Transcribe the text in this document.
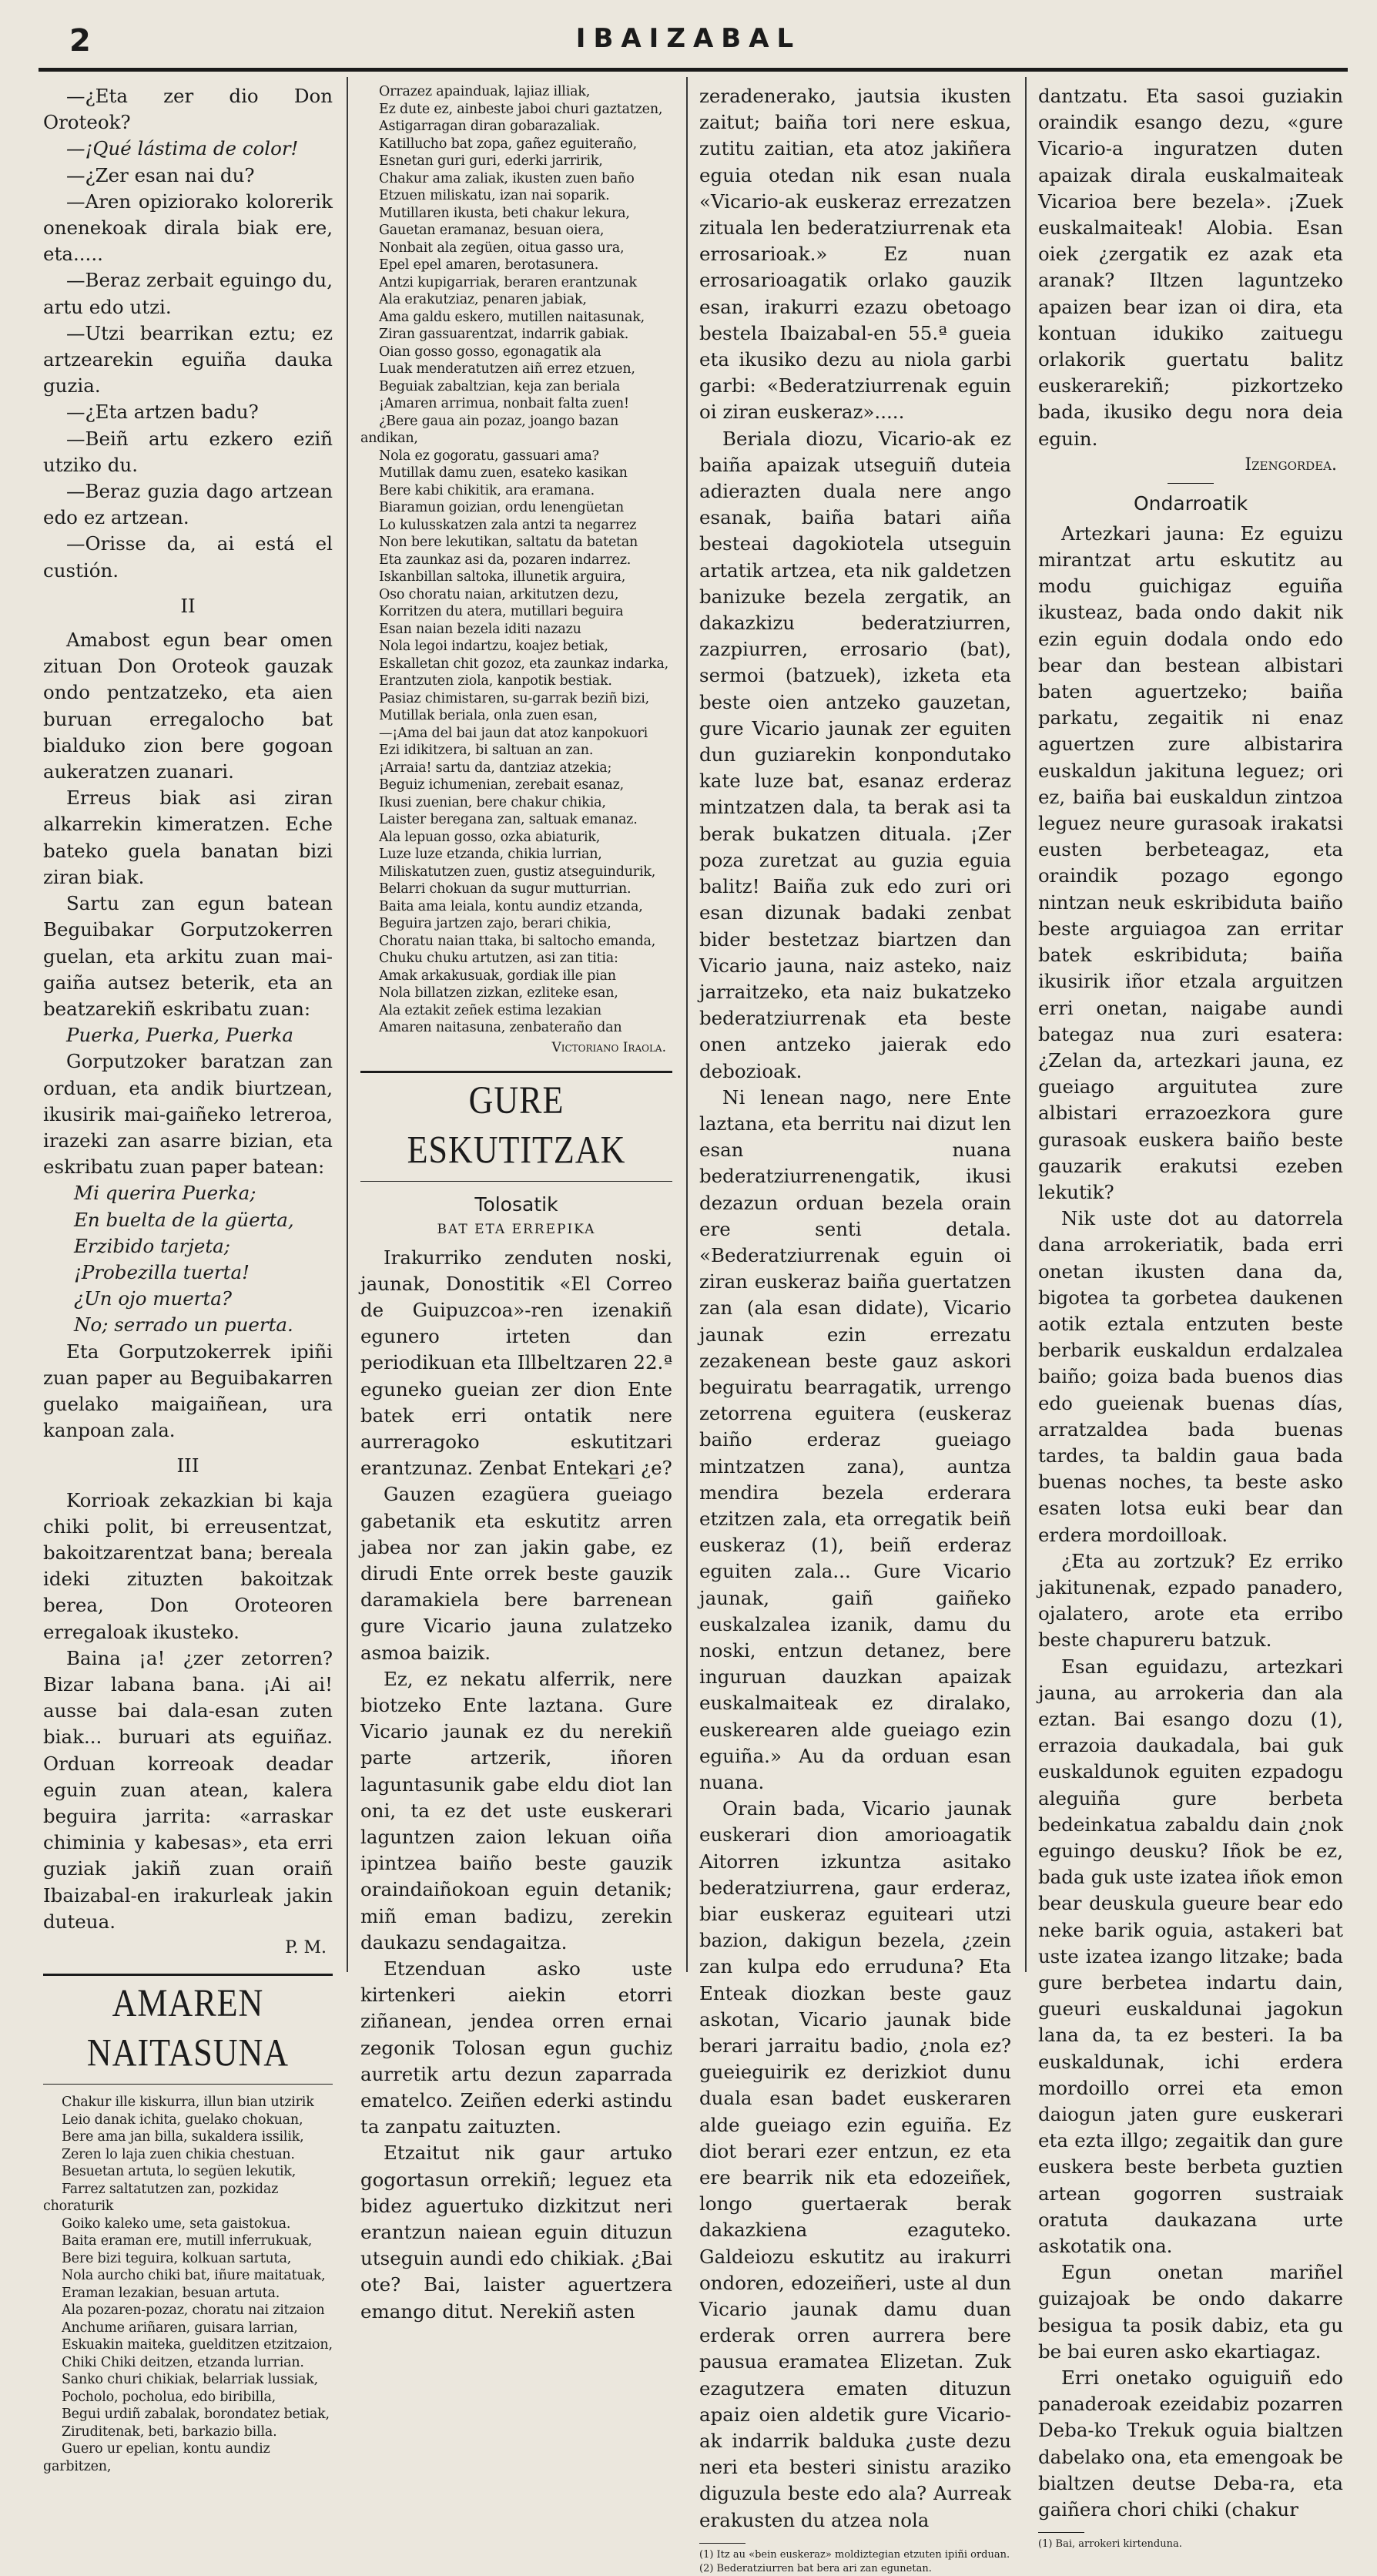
2	IBAIZABAL

—¿Eta zer dio Don Oroteok?

—¡Qué lástima de color!

—¿Zer esan nai du?

—Aren opiziorako kolorerik onenekoak dirala biak ere, eta.....

—Beraz zerbait eguingo du, artu edo utzi.

—Utzi bearrikan eztu; ez artzearekin eguiña dauka guzia.

—¿Eta artzen badu?

—Beiñ artu ezkero eziñ utziko du.

—Beraz guzia dago artzean edo ez artzean.

—Orisse da, ai está el custión.

II

Amabost egun bear omen zituan Don Oroteok gauzak ondo pentzatzeko, eta aien buruan erregalocho bat bialduko zion bere gogoan aukeratzen zuanari.

Erreus biak asi ziran alkarrekin kimeratzen. Eche bateko guela banatan bizi ziran biak.

Sartu zan egun batean Beguibakar Gorputzokerren guelan, eta arkitu zuan mai-gaiña autsez beterik, eta an beatzarekiñ eskribatu zuan:

Puerka, Puerka, Puerka

Gorputzoker baratzan zan orduan, eta andik biurtzean, ikusirik mai-gaiñeko letreroa, irazeki zan asarre bizian, eta eskribatu zuan paper batean:

Mi querira Puerka;

En buelta de la güerta,

Erzibido tarjeta;

¡Probezilla tuerta!

¿Un ojo muerta?

No; serrado un puerta.

Eta Gorputzokerrek ipiñi zuan paper au Beguibakarren guelako maigaiñean, ura kanpoan zala.

III

Korrioak zekazkian bi kaja chiki polit, bi erreusentzat, bakoitzarentzat bana; bereala ideki zituzten bakoitzak berea, Don Oroteoren erregaloak ikusteko.

Baina ¡a! ¿zer zetorren? Bizar labana bana. ¡Ai ai! ausse bai dala-esan zuten biak... buruari ats eguiñaz. Orduan korreoak deadar eguin zuan atean, kalera beguira jarrita: «arraskar chiminia y kabesas», eta erri guziak jakiñ zuan oraiñ Ibaizabal-en irakurleak jakin duteua.

P. M.

AMAREN NAITASUNA

Chakur ille kiskurra, illun bian utzirik

Leio danak ichita, guelako chokuan,

Bere ama jan billa, sukaldera issilik,

Zeren lo laja zuen chikia chestuan.

Besuetan artuta, lo següen lekutik,

Farrez saltatutzen zan, pozkidaz choraturik

Goiko kaleko ume, seta gaistokua.

Baita eraman ere, mutill inferrukuak,

Bere bizi teguira, kolkuan sartuta,

Nola aurcho chiki bat, iñure maitatuak,

Eraman lezakian, besuan artuta.

Ala pozaren-pozaz, choratu nai zitzaion

Anchume ariñaren, guisara larrian,

Eskuakin maiteka, guelditzen etzitzaion,

Chiki Chiki deitzen, etzanda lurrian.

Sanko churi chikiak, belarriak lussiak,

Pocholo, pocholua, edo biribilla,

Begui urdiñ zabalak, borondatez betiak,

Ziruditenak, beti, barkazio billa.

Guero ur epelian, kontu aundiz garbitzen,

Orrazez apainduak, lajiaz illiak,

Ez dute ez, ainbeste jaboi churi gaztatzen,

Astigarragan diran gobarazaliak.

Katillucho bat zopa, gañez eguiteraño,

Esnetan guri guri, ederki jarririk,

Chakur ama zaliak, ikusten zuen baño

Etzuen miliskatu, izan nai soparik.

Mutillaren ikusta, beti chakur lekura,

Gauetan eramanaz, besuan oiera,

Nonbait ala zegüen, oitua gasso ura,

Epel epel amaren, berotasunera.

Antzi kupigarriak, beraren erantzunak

Ala erakutziaz, penaren jabiak,

Ama galdu eskero, mutillen naitasunak,

Ziran gassuarentzat, indarrik gabiak.

Oian gosso gosso, egonagatik ala

Luak menderatutzen aiñ errez etzuen,

Beguiak zabaltzian, keja zan beriala

¡Amaren arrimua, nonbait falta zuen!

¿Bere gaua ain pozaz, joango bazan andikan,

Nola ez gogoratu, gassuari ama?

Mutillak damu zuen, esateko kasikan

Bere kabi chikitik, ara eramana.

Biaramun goizian, ordu lenengüetan

Lo kulusskatzen zala antzi ta negarrez

Non bere lekutikan, saltatu da batetan

Eta zaunkaz asi da, pozaren indarrez.

Iskanbillan saltoka, illunetik arguira,

Oso choratu naian, arkitutzen dezu,

Korritzen du atera, mutillari beguira

Esan naian bezela iditi nazazu

Nola legoi indartzu, koajez betiak,

Eskalletan chit gozoz, eta zaunkaz indarka,

Erantzuten ziola, kanpotik bestiak.

Pasiaz chimistaren, su-garrak beziñ bizi,

Mutillak beriala, onla zuen esan,

—¡Ama del bai jaun dat atoz kanpokuori

Ezi idikitzera, bi saltuan an zan.

¡Arraia! sartu da, dantziaz atzekia;

Beguiz ichumenian, zerebait esanaz,

Ikusi zuenian, bere chakur chikia,

Laister beregana zan, saltuak emanaz.

Ala lepuan gosso, ozka abiaturik,

Luze luze etzanda, chikia lurrian,

Miliskatutzen zuen, gustiz atseguindurik,

Belarri chokuan da sugur mutturrian.

Baita ama leiala, kontu aundiz etzanda,

Beguira jartzen zajo, berari chikia,

Choratu naian ttaka, bi saltocho emanda,

Chuku chuku artutzen, asi zan titia:

Amak arkakusuak, gordiak ille pian

Nola billatzen zizkan, ezliteke esan,

Ala eztakit zeñek estima lezakian

Amaren naitasuna, zenbateraño dan

Victoriano Iraola.

GURE ESKUTITZAK

Tolosatik

BAT ETA ERREPIKA

Irakurriko zenduten noski, jaunak, Donostitik «El Correo de Guipuzcoa»-ren izenakiñ egunero irteten dan periodikuan eta Illbeltzaren 22.ª eguneko gueian zer dion Ente batek erri ontatik nere aurreragoko eskutitzari erantzunaz. Zenbat Enteka̲ri ¿e?

Gauzen ezagüera gueiago gabetanik eta eskutitz arren jabea nor zan jakin gabe, ez dirudi Ente orrek beste gauzik daramakiela bere barrenean gure Vicario jauna zulatzeko asmoa baizik.

Ez, ez nekatu alferrik, nere biotzeko Ente laztana. Gure Vicario jaunak ez du nerekiñ parte artzerik, iñoren laguntasunik gabe eldu diot lan oni, ta ez det uste euskerari laguntzen zaion lekuan oiña ipintzea baiño beste gauzik oraindaiñokoan eguin detanik; miñ eman badizu, zerekin daukazu sendagaitza.

Etzenduan asko uste kirtenkeri aiekin etorri ziñanean, jendea orren ernai zegonik Tolosan egun guchiz aurretik artu dezun zaparrada ematelco. Zeiñen ederki astindu ta zanpatu zaituzten.

Etzaitut nik gaur artuko gogortasun orrekiñ; leguez eta bidez aguertuko dizkitzut neri erantzun naiean eguin dituzun utseguin aundi edo chikiak. ¿Bai ote? Bai, laister aguertzera emango ditut. Nerekiñ asten

zeradenerako, jautsia ikusten zaitut; baiña tori nere eskua, zutitu zaitian, eta atoz jakiñera eguia otedan nik esan nuala «Vicario-ak euskeraz errezatzen zituala len bederatziurrenak eta errosarioak.» Ez nuan errosarioagatik orlako gauzik esan, irakurri ezazu obetoago bestela Ibaizabal-en 55.ª gueia eta ikusiko dezu au niola garbi garbi: «Bederatziurrenak eguin oi ziran euskeraz».....

Beriala diozu, Vicario-ak ez baiña apaizak utseguiñ duteia adierazten duala nere ango esanak, baiña batari aiña besteai dagokiotela utseguin artatik artzea, eta nik galdetzen banizuke bezela zergatik, an dakazkizu bederatziurren, zazpiurren, errosario (bat), sermoi (batzuek), izketa eta beste oien antzeko gauzetan, gure Vicario jaunak zer eguiten dun guziarekin konpondutako kate luze bat, esanaz erderaz mintzatzen dala, ta berak asi ta berak bukatzen dituala. ¡Zer poza zuretzat au guzia eguia balitz! Baiña zuk edo zuri ori esan dizunak badaki zenbat bider bestetzaz biartzen dan Vicario jauna, naiz asteko, naiz jarraitzeko, eta naiz bukatzeko bederatziurrenak eta beste onen antzeko jaierak edo debozioak.

Ni lenean nago, nere Ente laztana, eta berritu nai dizut len esan nuana bederatziurrenengatik, ikusi dezazun orduan bezela orain ere senti detala. «Bederatziurrenak eguin oi ziran euskeraz baiña guertatzen zan (ala esan didate), Vicario jaunak ezin errezatu zezakenean beste gauz askori beguiratu bearragatik, urrengo zetorrena eguitera (euskeraz baiño erderaz gueiago mintzatzen zana), auntza mendira bezela erderara etzitzen zala, eta orregatik beiñ euskeraz (1), beiñ erderaz eguiten zala... Gure Vicario jaunak, gaiñ gaiñeko euskalzalea izanik, damu du noski, entzun detanez, bere inguruan dauzkan apaizak euskalmaiteak ez diralako, euskerearen alde gueiago ezin eguiña.» Au da orduan esan nuana.

Orain bada, Vicario jaunak euskerari dion amorioagatik Aitorren izkuntza asitako bederatziurrena, gaur erderaz, biar euskeraz eguiteari utzi bazion, dakigun bezela, ¿zein zan kulpa edo erruduna? Eta Enteak diozkan beste gauz askotan, Vicario jaunak bide berari jarraitu badio, ¿nola ez? gueieguirik ez derizkiot dunu duala esan badet euskeraren alde gueiago ezin eguiña. Ez diot berari ezer entzun, ez eta ere bearrik nik eta edozeiñek, longo guertaerak berak dakazkiena ezaguteko. Galdeiozu eskutitz au irakurri ondoren, edozeiñeri, uste al dun Vicario jaunak damu duan erderak orren aurrera bere pausua eramatea Elizetan. Zuk ezagutzera ematen dituzun apaiz oien aldetik gure Vicario-ak indarrik balduka ¿uste dezu neri eta besteri sinistu araziko diguzula beste edo ala? Aurreak erakusten du atzea nola

(1) Itz au «bein euskeraz» moldiztegian etzuten ipiñi orduan.

(2) Bederatziurren bat bera ari zan egunetan.

dantzatu. Eta sasoi guziakin oraindik esango dezu, «gure Vicario-a inguratzen duten apaizak dirala euskalmaiteak Vicarioa bere bezela». ¡Zuek euskalmaiteak! Alobia. Esan oiek ¿zergatik ez azak eta aranak? Iltzen laguntzeko apaizen bear izan oi dira, eta kontuan idukiko zaituegu orlakorik guertatu balitz euskerarekiñ; pizkortzeko bada, ikusiko degu nora deia eguin.

Izengordea.

Ondarroatik

Artezkari jauna: Ez eguizu mirantzat artu eskutitz au modu guichigaz eguiña ikusteaz, bada ondo dakit nik ezin eguin dodala ondo edo bear dan bestean albistari baten aguertzeko; baiña parkatu, zegaitik ni enaz aguertzen zure albistarira euskaldun jakituna leguez; ori ez, baiña bai euskaldun zintzoa leguez neure gurasoak irakatsi eusten berbeteagaz, eta oraindik pozago egongo nintzan neuk eskribiduta baiño beste arguiagoa zan erritar batek eskribiduta; baiña ikusirik iñor etzala arguitzen erri onetan, naigabe aundi bategaz nua zuri esatera: ¿Zelan da, artezkari jauna, ez gueiago arguitutea zure albistari errazoezkora gure gurasoak euskera baiño beste gauzarik erakutsi ezeben lekutik?

Nik uste dot au datorrela dana arrokeriatik, bada erri onetan ikusten dana da, bigotea ta gorbetea daukenen aotik eztala entzuten beste berbarik euskaldun erdalzalea baiño; goiza bada buenos dias edo gueienak buenas días, arratzaldea bada buenas tardes, ta baldin gaua bada buenas noches, ta beste asko esaten lotsa euki bear dan erdera mordoilloak.

¿Eta au zortzuk? Ez erriko jakitunenak, ezpado panadero, ojalatero, arote eta erribo beste chapureru batzuk.

Esan eguidazu, artezkari jauna, au arrokeria dan ala eztan. Bai esango dozu (1), errazoia daukadala, bai guk euskaldunok eguiten ezpadogu aleguiña gure berbeta bedeinkatua zabaldu dain ¿nok eguingo deusku? Iñok be ez, bada guk uste izatea iñok emon bear deuskula gueure bear edo neke barik oguia, astakeri bat uste izatea izango litzake; bada gure berbetea indartu dain, gueuri euskaldunai jagokun lana da, ta ez besteri. Ia ba euskaldunak, ichi erdera mordoillo orrei eta emon daiogun jaten gure euskerari eta ezta illgo; zegaitik dan gure euskera beste berbeta guztien artean gogorren sustraiak oratuta daukazana urte askotatik ona.

Egun onetan mariñel guizajoak be ondo dakarre besigua ta posik dabiz, eta gu be bai euren asko ekartiagaz.

Erri onetako oguiguiñ edo panaderoak ezeidabiz pozarren Deba-ko Trekuk oguia bialtzen dabelako ona, eta emengoak be bialtzen deutse Deba-ra, eta gaiñera chori chiki (chakur

(1) Bai, arrokeri kirtenduna.
